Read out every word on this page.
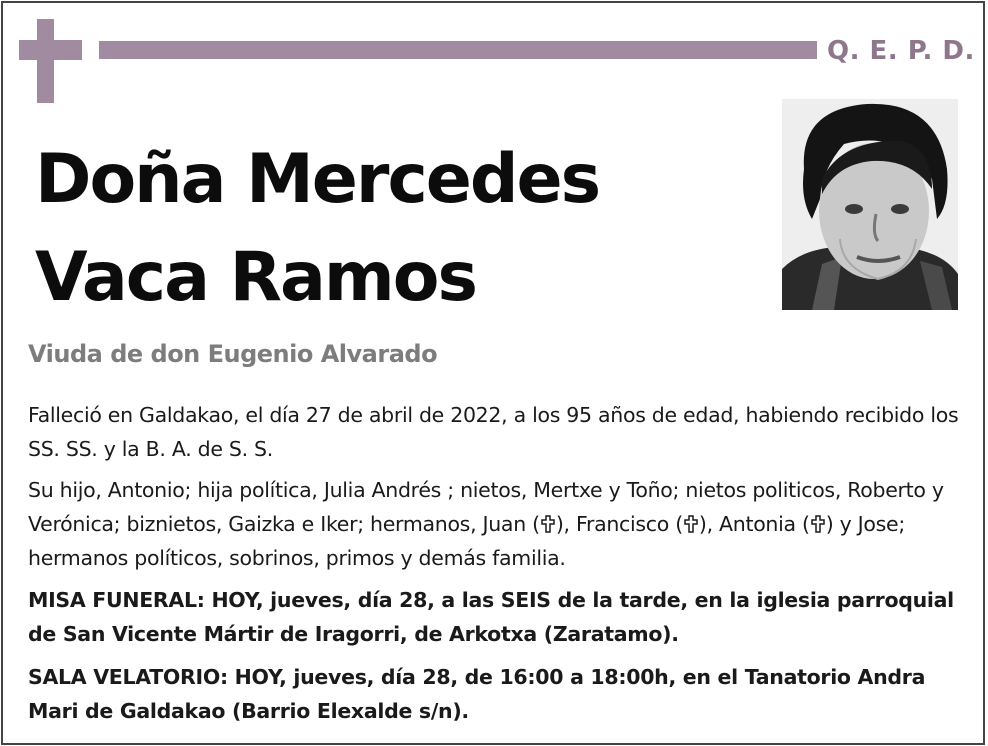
Q. E. P. D.
Doña Mercedes
Vaca Ramos
Viuda de don Eugenio Alvarado

Falleció en Galdakao, el día 27 de abril de 2022, a los 95 años de edad, habiendo recibido los SS. SS. y la B. A. de S. S.

Su hijo, Antonio; hija política, Julia Andrés ; nietos, Mertxe y Toño; nietos politicos, Roberto y Verónica; biznietos, Gaizka e Iker; hermanos, Juan ( ), Francisco ( ), Antonia ( ) y Jose; hermanos políticos, sobrinos, primos y demás familia.

MISA FUNERAL: HOY, jueves, día 28, a las SEIS de la tarde, en la iglesia parroquial de San Vicente Mártir de Iragorri, de Arkotxa (Zaratamo).

SALA VELATORIO: HOY, jueves, día 28, de 16:00 a 18:00h, en el Tanatorio Andra Mari de Galdakao (Barrio Elexalde s/n).
